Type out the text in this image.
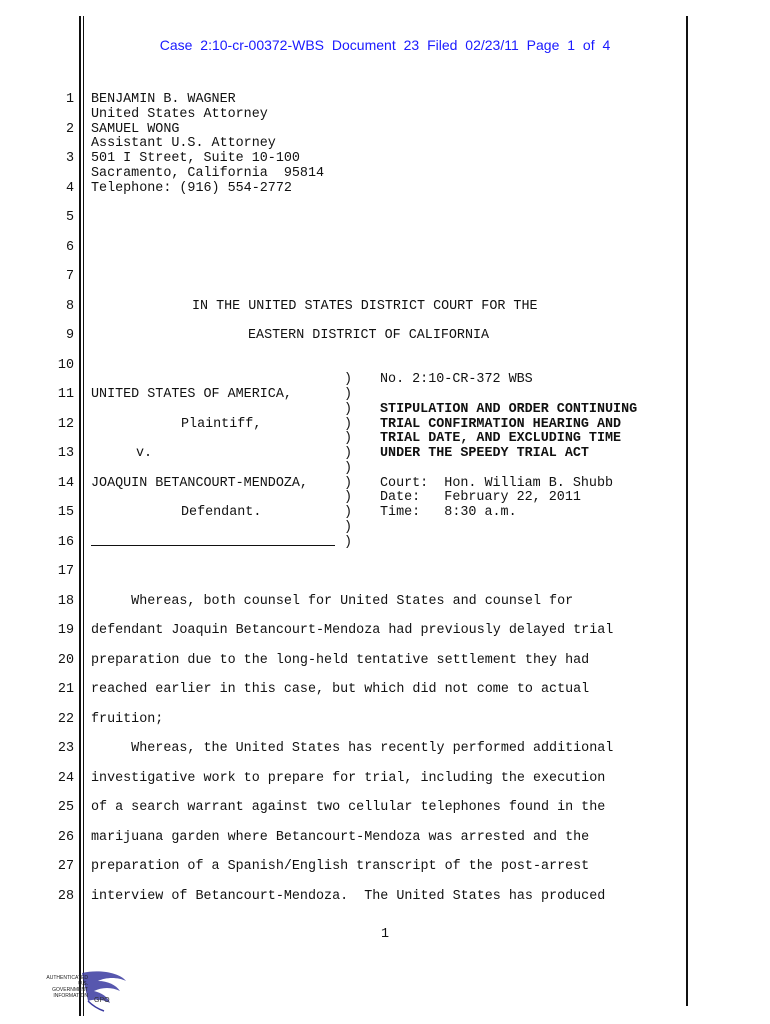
Case 2:10-cr-00372-WBS Document 23 Filed 02/23/11 Page 1 of 4
1
2
3
4
5
6
7
8
9
10
11
12
13
14
15
16
17
18
19
20
21
22
23
24
25
26
27
28
BENJAMIN B. WAGNER
United States Attorney
SAMUEL WONG
Assistant U.S. Attorney
501 I Street, Suite 10-100
Sacramento, California  95814
Telephone: (916) 554-2772
IN THE UNITED STATES DISTRICT COURT FOR THE
EASTERN DISTRICT OF CALIFORNIA
UNITED STATES OF AMERICA,
Plaintiff,
v.
JOAQUIN BETANCOURT-MENDOZA,
Defendant.
)
)
)
)
)
)
)
)
)
)
)
)
No. 2:10-CR-372 WBS
STIPULATION AND ORDER CONTINUING
TRIAL CONFIRMATION HEARING AND
TRIAL DATE, AND EXCLUDING TIME
UNDER THE SPEEDY TRIAL ACT
Court:  Hon. William B. Shubb
Date:   February 22, 2011
Time:   8:30 a.m.
Whereas, both counsel for United States and counsel for
defendant Joaquin Betancourt-Mendoza had previously delayed trial
preparation due to the long-held tentative settlement they had
reached earlier in this case, but which did not come to actual
fruition;
Whereas, the United States has recently performed additional
investigative work to prepare for trial, including the execution
of a search warrant against two cellular telephones found in the
marijuana garden where Betancourt-Mendoza was arrested and the
preparation of a Spanish/English transcript of the post-arrest
interview of Betancourt-Mendoza.  The United States has produced
1
AUTHENTICATED
U.S. GOVERNMENT
INFORMATION
GPO
